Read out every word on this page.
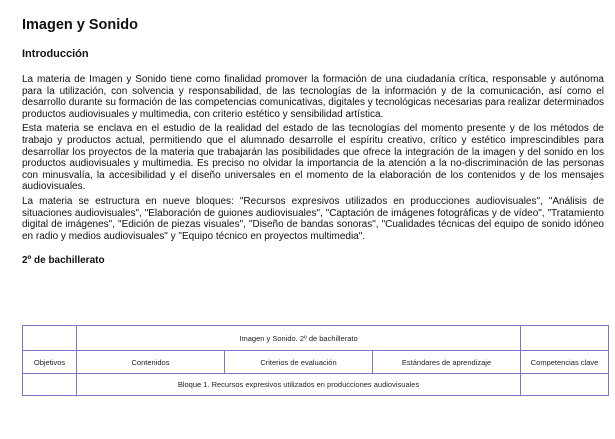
Imagen y Sonido
Introducción

La materia de Imagen y Sonido tiene como finalidad promover la formación de una ciudadanía crítica, responsable y autónoma para la utilización, con solvencia y responsabilidad, de las tecnologías de la información y de la comunicación, así como el desarrollo durante su formación de las competencias comunicativas, digitales y tecnológicas necesarias para realizar determinados productos audiovisuales y multimedia, con criterio estético y sensibilidad artística.

Esta materia se enclava en el estudio de la realidad del estado de las tecnologías del momento presente y de los métodos de trabajo y productos actual, permitiendo que el alumnado desarrolle el espíritu creativo, crítico y estético imprescindibles para desarrollar los proyectos de la materia que trabajarán las posibilidades que ofrece la integración de la imagen y del sonido en los productos audiovisuales y multimedia. Es preciso no olvidar la importancia de la atención a la no-discriminación de las personas con minusvalía, la accesibilidad y el diseño universales en el momento de la elaboración de los contenidos y de los mensajes audiovisuales.

La materia se estructura en nueve bloques: "Recursos expresivos utilizados en producciones audiovisuales", "Análisis de situaciones audiovisuales", "Elaboración de guiones audiovisuales", "Captación de imágenes fotográficas y de vídeo", "Tratamiento digital de imágenes", "Edición de piezas visuales", "Diseño de bandas sonoras", "Cualidades técnicas del equipo de sonido idóneo en radio y medios audiovisuales" y "Equipo técnico en proyectos multimedia".

2º de bachillerato
	Imagen y Sonido. 2º de bachillerato			
Objetivos	Contenidos	Criterios de evaluación	Estándares de aprendizaje	Competencias clave
	Bloque 1. Recursos expresivos utilizados en producciones audiovisuales			
